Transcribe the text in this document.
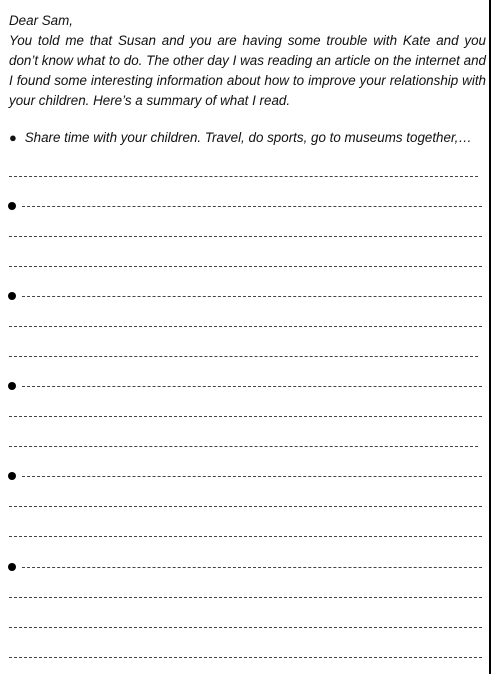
Dear Sam,

You told me that Susan and you are having some trouble with Kate and you don’t know what to do. The other day I was reading an article on the internet and I found some interesting information about how to improve your relationship with your children. Here’s a summary of what I read.

● Share time with your children. Travel, do sports, go to museums together,…
